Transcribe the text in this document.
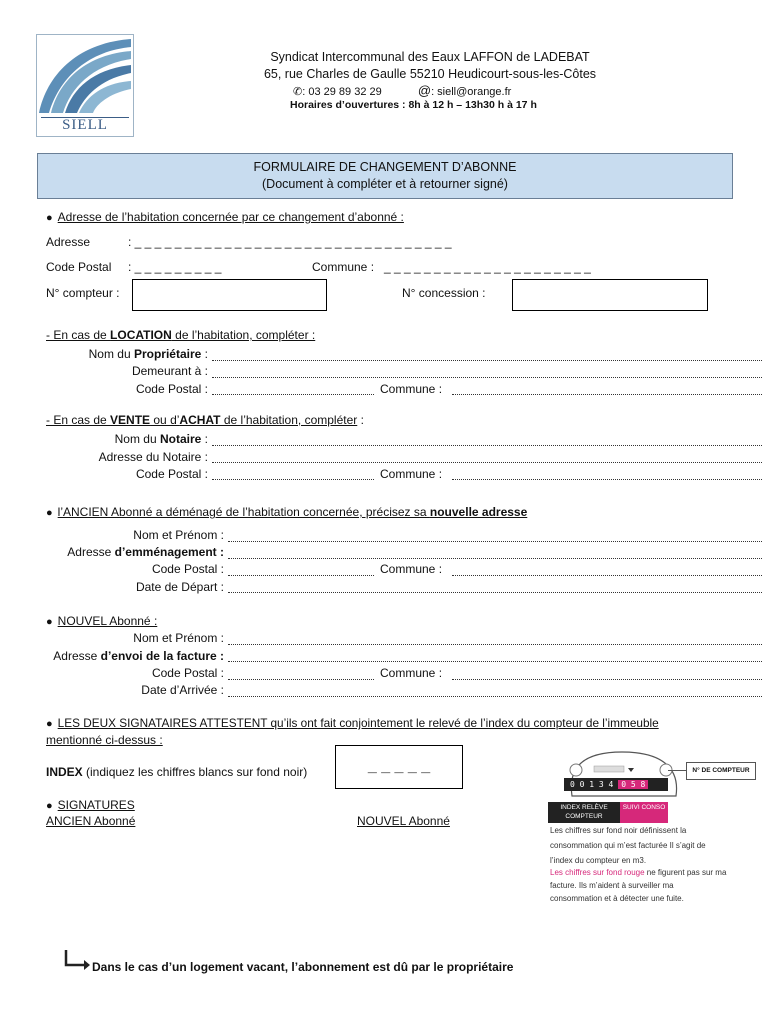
SIELL
Syndicat Intercommunal des Eaux LAFFON de LADEBAT
65, rue Charles de Gaulle 55210 Heudicourt-sous-les-Côtes
✆: 03 29 89 32 29	@: siell@orange.fr
Horaires d’ouvertures : 8h à 12 h – 13h30 h à 17 h
FORMULAIRE DE CHANGEMENT D’ABONNE
(Document à compléter et à retourner signé)
● Adresse de l’habitation concernée par ce changement d’abonné :
Adresse	: _ _ _ _ _ _ _ _ _ _ _ _ _ _ _ _ _ _ _ _ _ _ _ _ _ _ _ _ _ _ _ _
Code Postal : _ _ _ _ _ _ _ _ _	Commune : _ _ _ _ _ _ _ _ _ _ _ _ _ _ _ _ _ _ _ _ _
N° compteur :	N° concession :
- En cas de LOCATION de l’habitation, compléter :
Nom du Propriétaire :
Demeurant à :
Code Postal :	Commune :
- En cas de VENTE ou d’ACHAT de l’habitation, compléter :
Nom du Notaire :
Adresse du Notaire :
Code Postal :	Commune :
● l’ANCIEN Abonné a déménagé de l’habitation concernée, précisez sa nouvelle adresse
Nom et Prénom :
Adresse d’emménagement :
Code Postal :	Commune :
Date de Départ :
● NOUVEL Abonné :
Nom et Prénom :
Adresse d’envoi de la facture :
Code Postal :	Commune :
Date d’Arrivée :
● LES DEUX SIGNATAIRES ATTESTENT qu’ils ont fait conjointement le relevé de l’index du compteur de l’immeuble
mentionné ci-dessus :
INDEX (indiquez les chiffres blancs sur fond noir)	_ _ _ _ _
● SIGNATURES
ANCIEN Abonné	NOUVEL Abonné
0 0 1 3 4 0 5 8
N° DE COMPTEUR
INDEX RELÈVE COMPTEUR
SUIVI CONSO
Les chiffres sur fond noir définissent la
consommation qui m’est facturée Il s’agit de
l’index du compteur en m3.
Les chiffres sur fond rouge ne figurent pas sur ma
facture. Ils m’aident à surveiller ma
consommation et à détecter une fuite.
Dans le cas d’un logement vacant, l’abonnement est dû par le propriétaire
